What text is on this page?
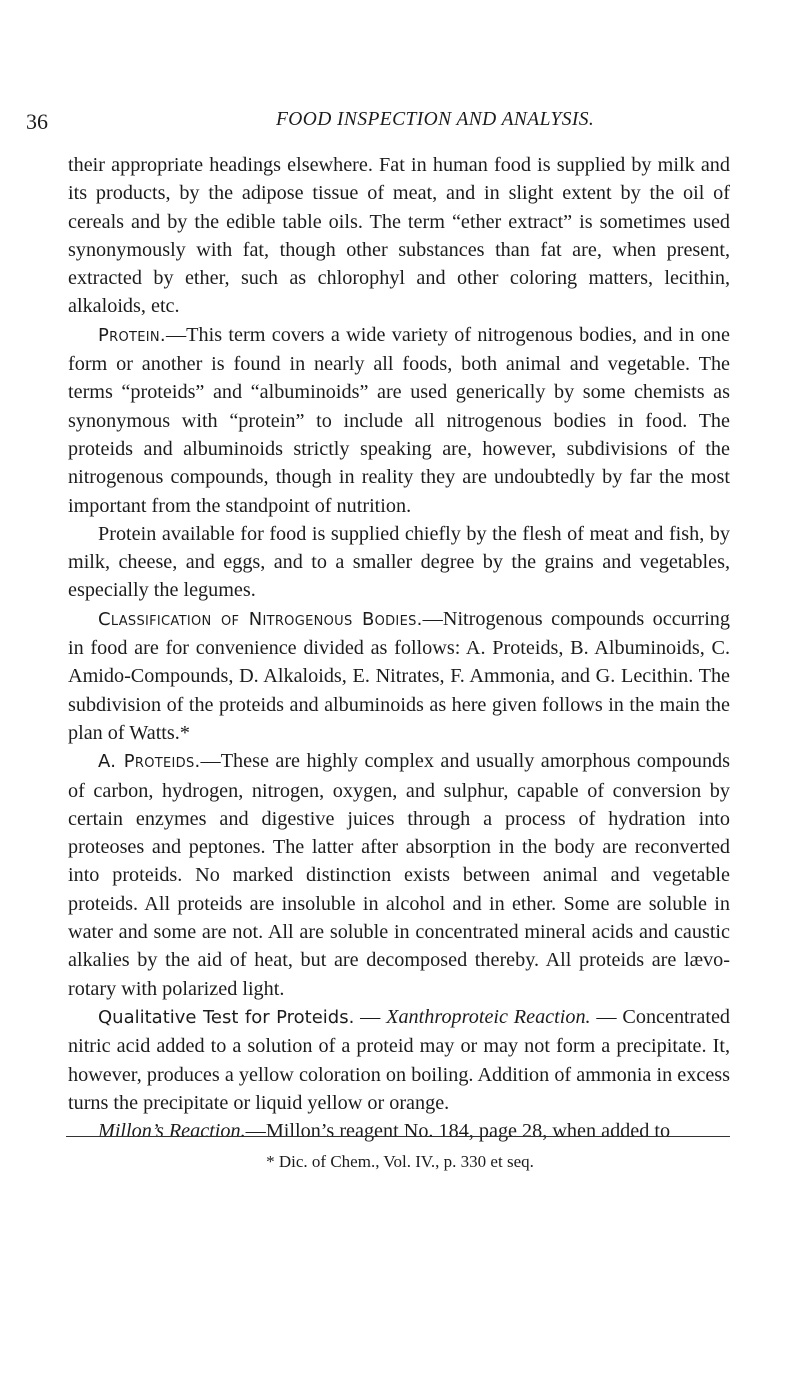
36	FOOD INSPECTION AND ANALYSIS.

their appropriate headings elsewhere. Fat in human food is supplied by milk and its products, by the adipose tissue of meat, and in slight extent by the oil of cereals and by the edible table oils. The term “ether extract” is sometimes used synonymously with fat, though other substances than fat are, when present, extracted by ether, such as chlorophyl and other coloring matters, lecithin, alkaloids, etc.

Protein.—This term covers a wide variety of nitrogenous bodies, and in one form or another is found in nearly all foods, both animal and vegetable. The terms “proteids” and “albuminoids” are used generically by some chemists as synonymous with “protein” to include all nitrogenous bodies in food. The proteids and albuminoids strictly speaking are, however, subdivisions of the nitrogenous compounds, though in reality they are undoubtedly by far the most important from the standpoint of nutrition.

Protein available for food is supplied chiefly by the flesh of meat and fish, by milk, cheese, and eggs, and to a smaller degree by the grains and vegetables, especially the legumes.

Classification of Nitrogenous Bodies.—Nitrogenous compounds occurring in food are for convenience divided as follows: A. Proteids, B. Albuminoids, C. Amido-Compounds, D. Alkaloids, E. Nitrates, F. Ammonia, and G. Lecithin. The subdivision of the proteids and albuminoids as here given follows in the main the plan of Watts.*

A. Proteids.—These are highly complex and usually amorphous compounds of carbon, hydrogen, nitrogen, oxygen, and sulphur, capable of conversion by certain enzymes and digestive juices through a process of hydration into proteoses and peptones. The latter after absorption in the body are reconverted into proteids. No marked distinction exists between animal and vegetable proteids. All proteids are insoluble in alcohol and in ether. Some are soluble in water and some are not. All are soluble in concentrated mineral acids and caustic alkalies by the aid of heat, but are decomposed thereby. All proteids are lævo-rotary with polarized light.

Qualitative Test for Proteids. — Xanthroproteic Reaction. — Concentrated nitric acid added to a solution of a proteid may or may not form a precipitate. It, however, produces a yellow coloration on boiling. Addition of ammonia in excess turns the precipitate or liquid yellow or orange.

Millon’s Reaction.—Millon’s reagent No. 184, page 28, when added to

* Dic. of Chem., Vol. IV., p. 330 et seq.
